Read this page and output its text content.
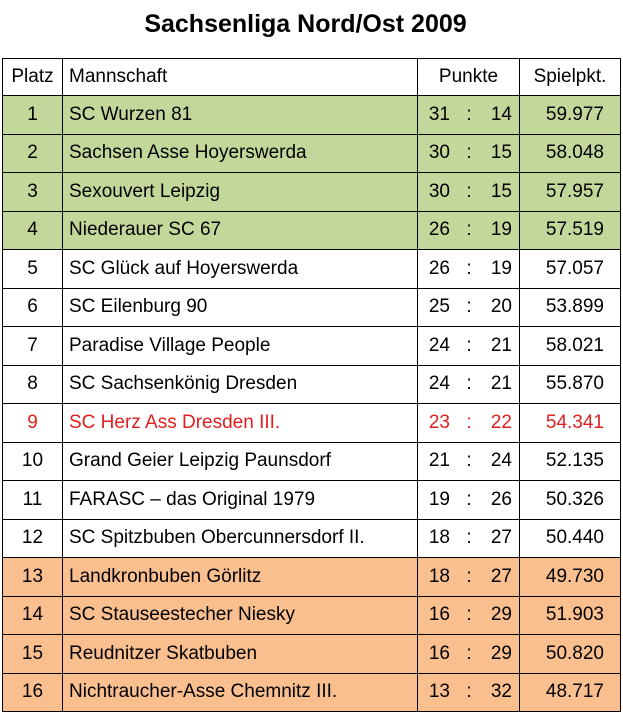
Sachsenliga Nord/Ost 2009
Platz	Mannschaft	Punkte	Spielpkt.
1	SC Wurzen 81	31 : 14	59.977
2	Sachsen Asse Hoyerswerda	30 : 15	58.048
3	Sexouvert Leipzig	30 : 15	57.957
4	Niederauer SC 67	26 : 19	57.519
5	SC Glück auf Hoyerswerda	26 : 19	57.057
6	SC Eilenburg 90	25 : 20	53.899
7	Paradise Village People	24 : 21	58.021
8	SC Sachsenkönig Dresden	24 : 21	55.870
9	SC Herz Ass Dresden III.	23 : 22	54.341
10	Grand Geier Leipzig Paunsdorf	21 : 24	52.135
11	FARASC – das Original 1979	19 : 26	50.326
12	SC Spitzbuben Obercunnersdorf II.	18 : 27	50.440
13	Landkronbuben Görlitz	18 : 27	49.730
14	SC Stauseestecher Niesky	16 : 29	51.903
15	Reudnitzer Skatbuben	16 : 29	50.820
16	Nichtraucher-Asse Chemnitz III.	13 : 32	48.717
